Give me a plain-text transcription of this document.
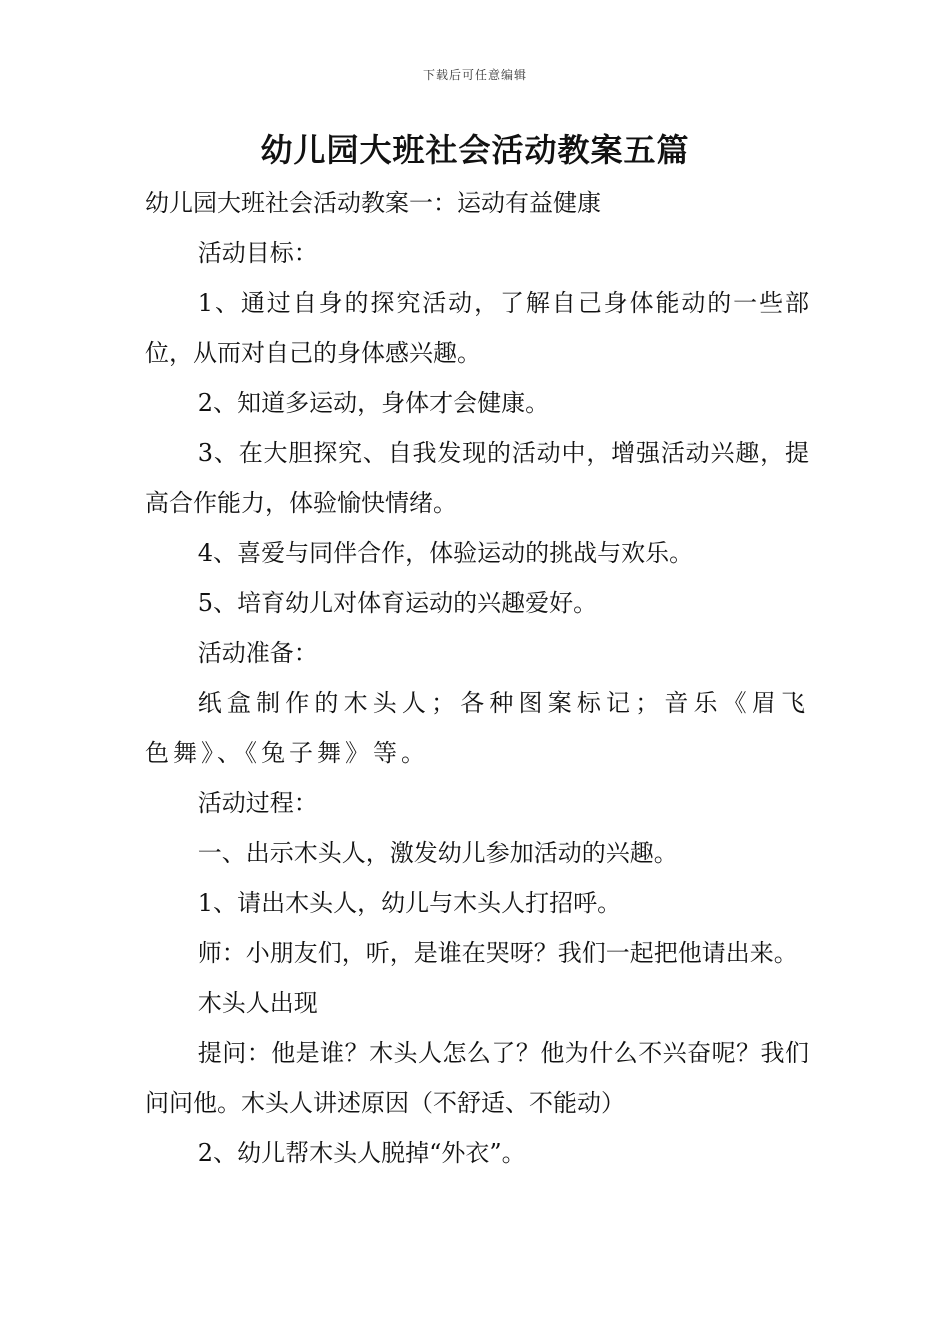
下载后可任意编辑
幼儿园大班社会活动教案五篇

幼儿园大班社会活动教案一：运动有益健康

活动目标：

1、通过自身的探究活动，了解自己身体能动的一些部位，从而对自己的身体感兴趣。

2、知道多运动，身体才会健康。

3、在大胆探究、自我发现的活动中，增强活动兴趣，提高合作能力，体验愉快情绪。

4、喜爱与同伴合作，体验运动的挑战与欢乐。

5、培育幼儿对体育运动的兴趣爱好。

活动准备：

纸盒制作的木头人；各种图案标记；音乐《眉飞色舞》、《兔子舞》等。

活动过程：

一、出示木头人，激发幼儿参加活动的兴趣。

1、请出木头人，幼儿与木头人打招呼。

师：小朋友们，听，是谁在哭呀？我们一起把他请出来。

木头人出现

提问：他是谁？木头人怎么了？他为什么不兴奋呢？我们问问他。木头人讲述原因（不舒适、不能动）

2、幼儿帮木头人脱掉“外衣”。
